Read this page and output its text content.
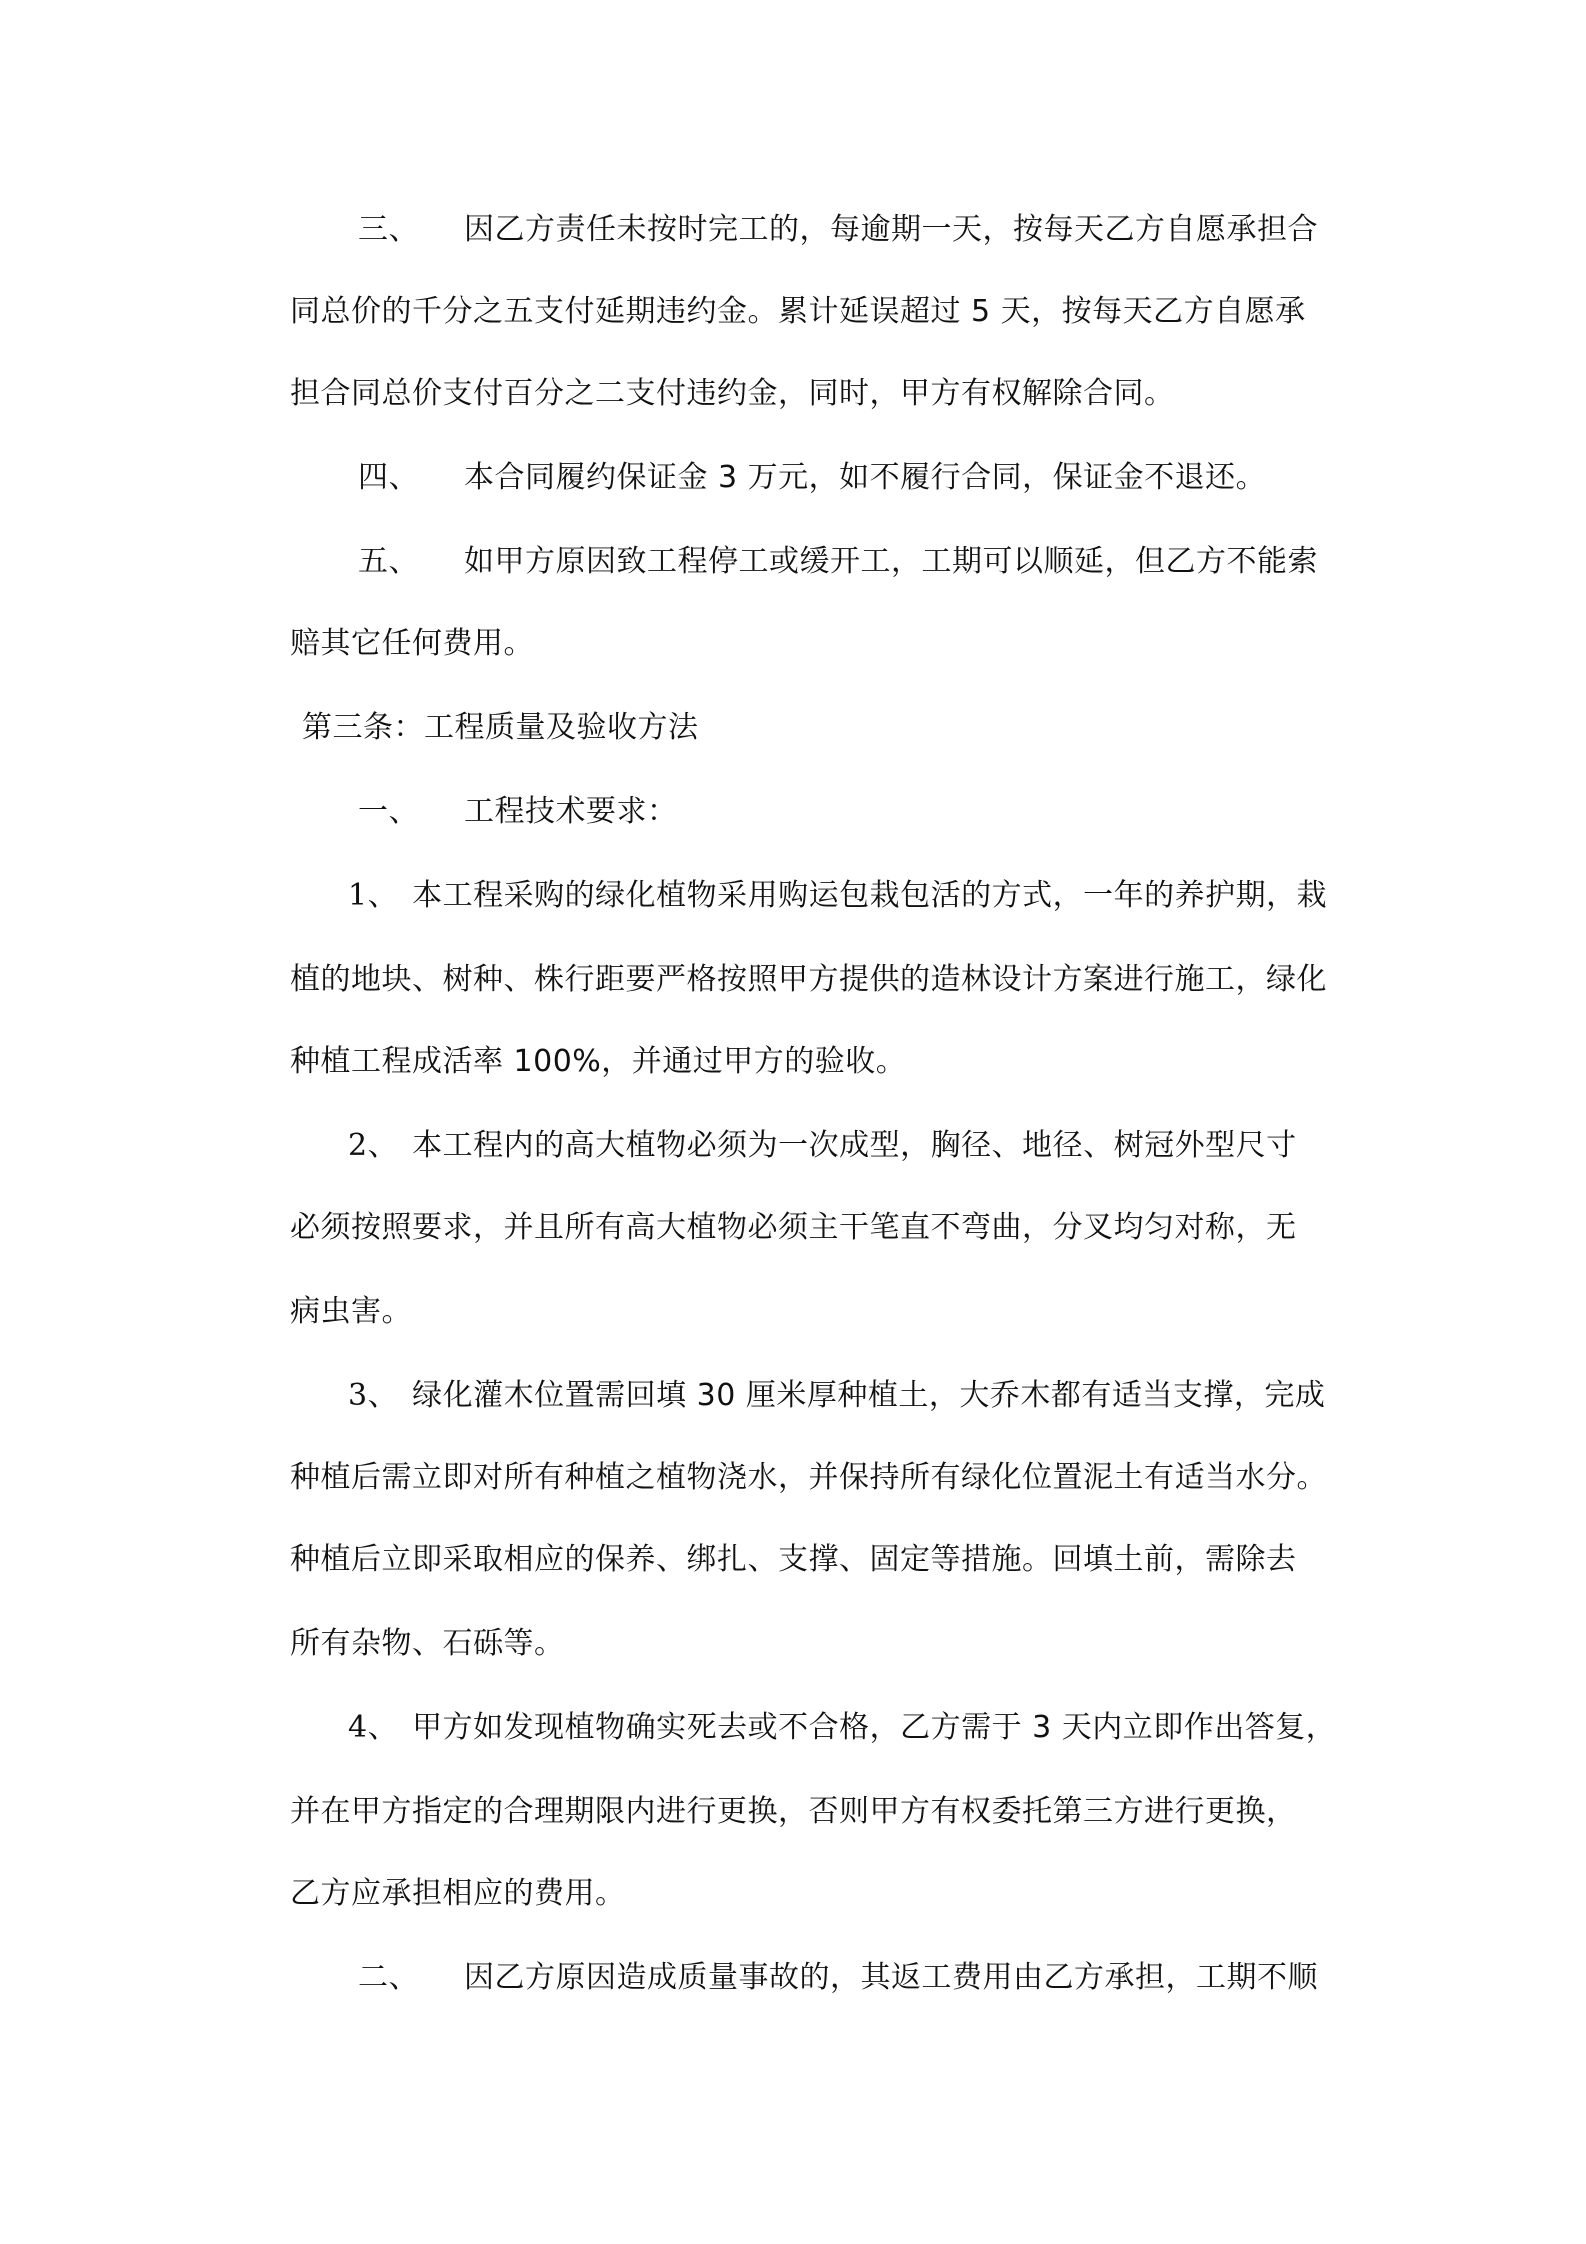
三、 因乙方责任未按时完工的，每逾期一天，按每天乙方自愿承担合
同总价的千分之五支付延期违约金。累计延误超过 5 天，按每天乙方自愿承
担合同总价支付百分之二支付违约金，同时，甲方有权解除合同。
四、 本合同履约保证金 3 万元，如不履行合同，保证金不退还。
五、 如甲方原因致工程停工或缓开工，工期可以顺延，但乙方不能索
赔其它任何费用。
第三条：工程质量及验收方法
一、 工程技术要求：
1、 本工程采购的绿化植物采用购运包栽包活的方式，一年的养护期，栽
植的地块、树种、株行距要严格按照甲方提供的造林设计方案进行施工，绿化
种植工程成活率 100%，并通过甲方的验收。
2、 本工程内的高大植物必须为一次成型，胸径、地径、树冠外型尺寸
必须按照要求，并且所有高大植物必须主干笔直不弯曲，分叉均匀对称，无
病虫害。
3、 绿化灌木位置需回填 30 厘米厚种植土，大乔木都有适当支撑，完成
种植后需立即对所有种植之植物浇水，并保持所有绿化位置泥土有适当水分。
种植后立即采取相应的保养、绑扎、支撑、固定等措施。回填土前，需除去
所有杂物、石砾等。
4、 甲方如发现植物确实死去或不合格，乙方需于 3 天内立即作出答复，
并在甲方指定的合理期限内进行更换，否则甲方有权委托第三方进行更换，
乙方应承担相应的费用。
二、 因乙方原因造成质量事故的，其返工费用由乙方承担，工期不顺
